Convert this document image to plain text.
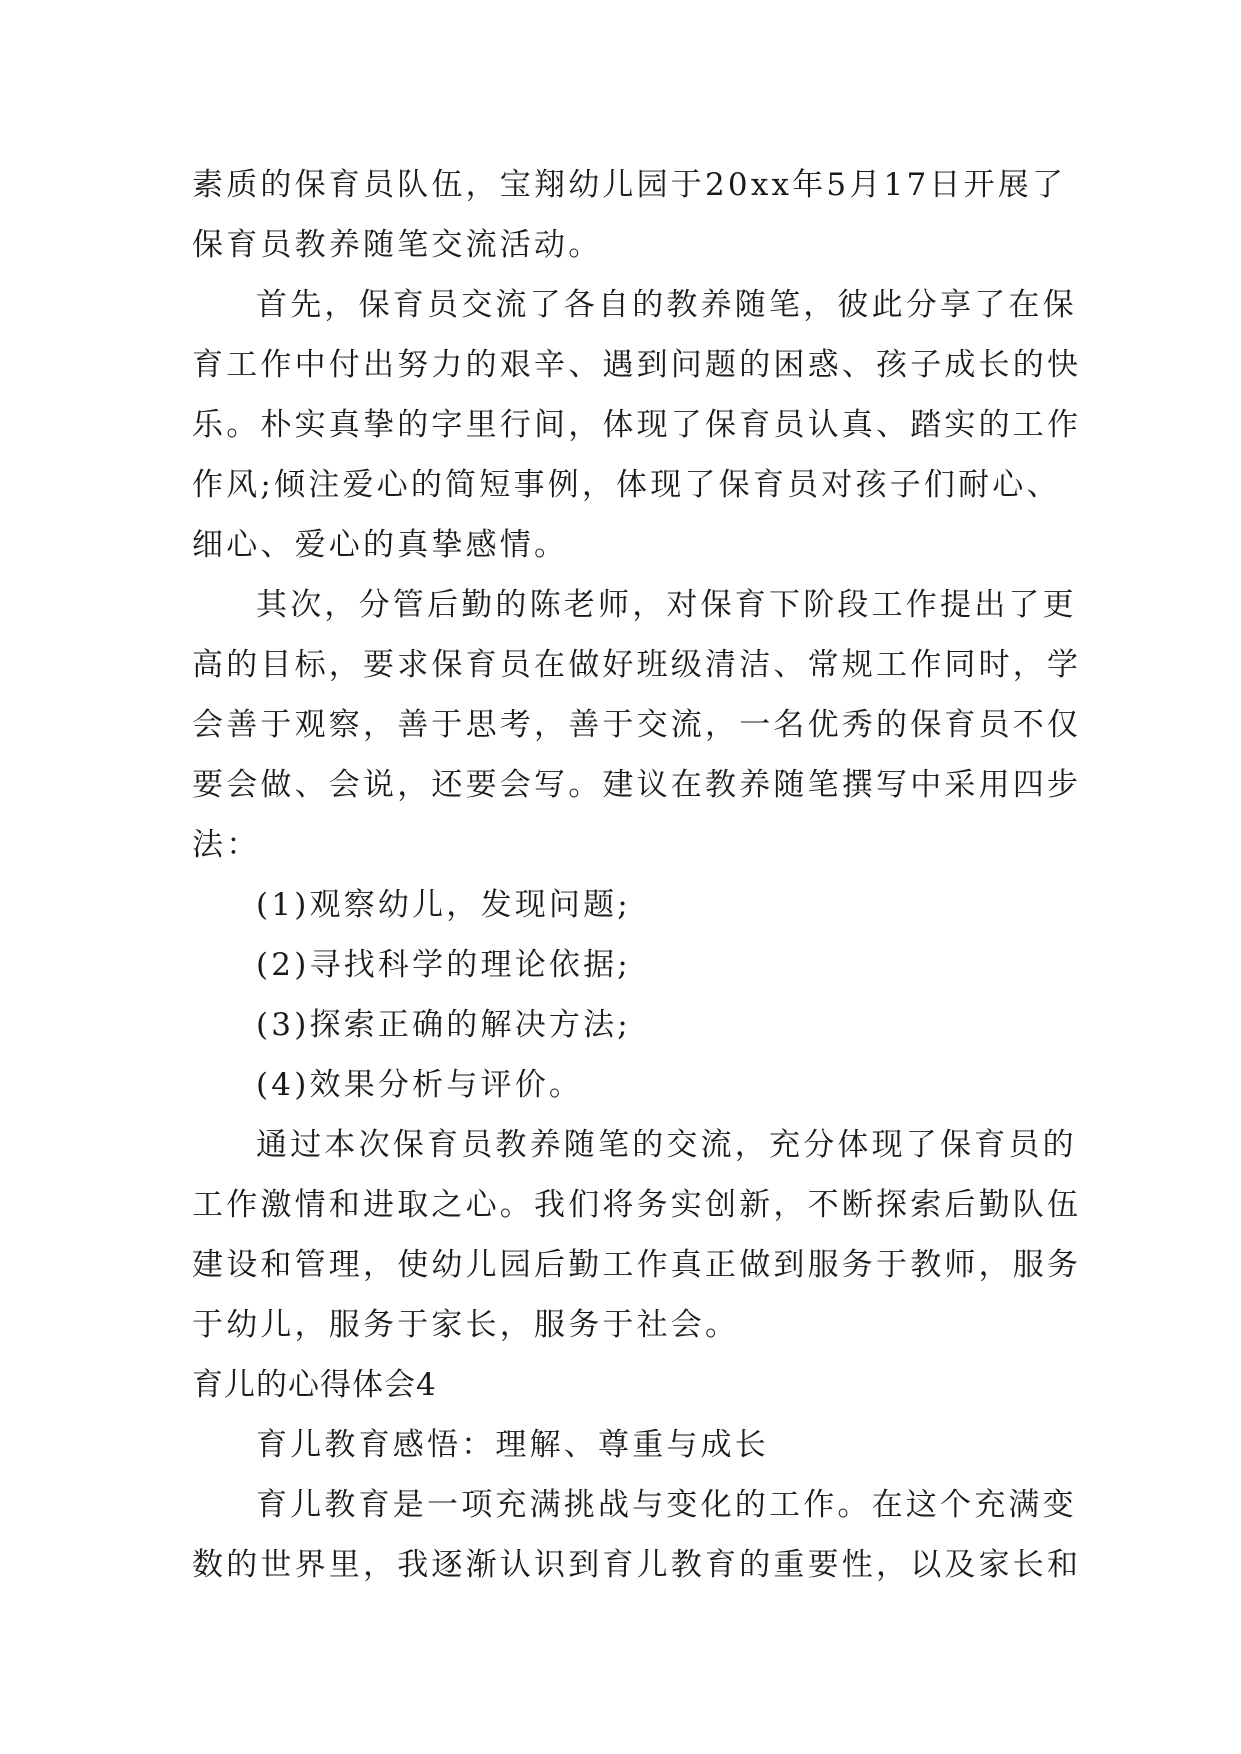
素质的保育员队伍，宝翔幼儿园于20xx年5月17日开展了
保育员教养随笔交流活动。
首先，保育员交流了各自的教养随笔，彼此分享了在保
育工作中付出努力的艰辛、遇到问题的困惑、孩子成长的快
乐。朴实真挚的字里行间，体现了保育员认真、踏实的工作
作风;倾注爱心的简短事例，体现了保育员对孩子们耐心、
细心、爱心的真挚感情。
其次，分管后勤的陈老师，对保育下阶段工作提出了更
高的目标，要求保育员在做好班级清洁、常规工作同时，学
会善于观察，善于思考，善于交流，一名优秀的保育员不仅
要会做、会说，还要会写。建议在教养随笔撰写中采用四步
法：
(1)观察幼儿，发现问题;
(2)寻找科学的理论依据;
(3)探索正确的解决方法;
(4)效果分析与评价。
通过本次保育员教养随笔的交流，充分体现了保育员的
工作激情和进取之心。我们将务实创新，不断探索后勤队伍
建设和管理，使幼儿园后勤工作真正做到服务于教师，服务
于幼儿，服务于家长，服务于社会。
育儿的心得体会4
育儿教育感悟：理解、尊重与成长
育儿教育是一项充满挑战与变化的工作。在这个充满变
数的世界里，我逐渐认识到育儿教育的重要性，以及家长和
